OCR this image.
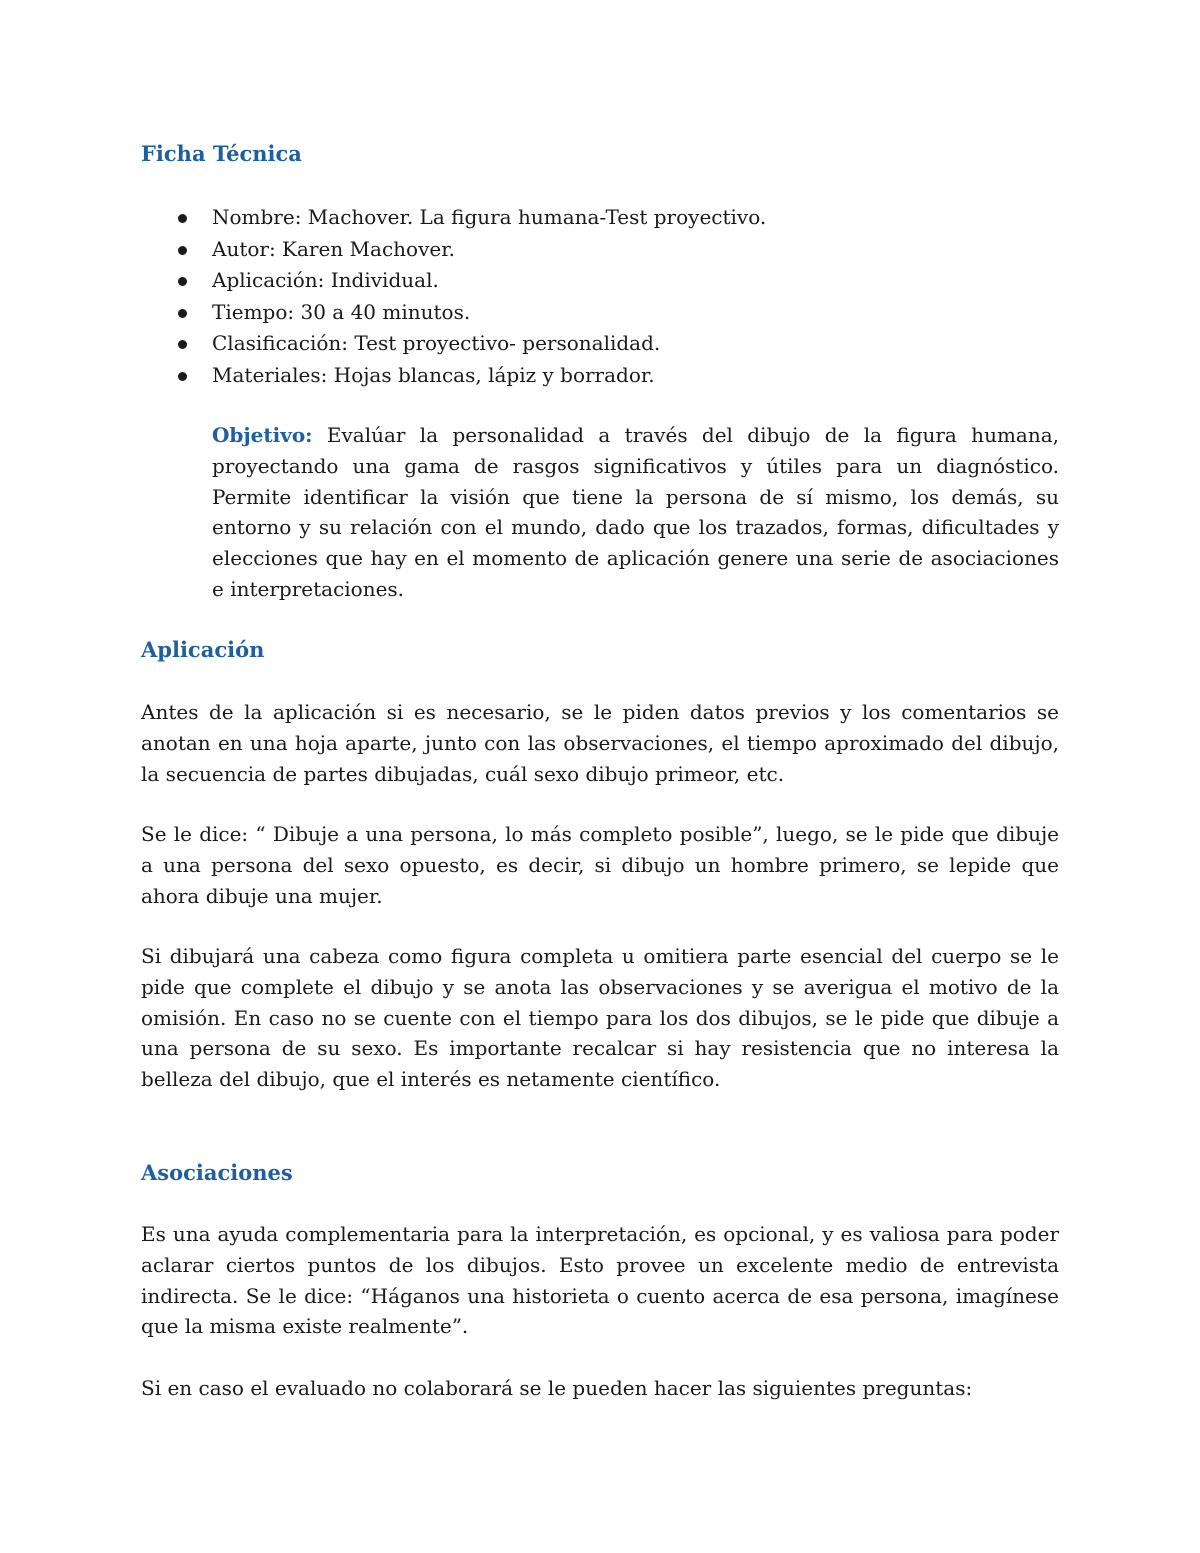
Ficha Técnica
Nombre: Machover. La figura humana-Test proyectivo.
Autor: Karen Machover.
Aplicación: Individual.
Tiempo: 30 a 40 minutos.
Clasificación: Test proyectivo- personalidad.
Materiales: Hojas blancas, lápiz y borrador.

Objetivo: Evalúar la personalidad a través del dibujo de la figura humana, proyectando una gama de rasgos significativos y útiles para un diagnóstico. Permite identificar la visión que tiene la persona de sí mismo, los demás, su entorno y su relación con el mundo, dado que los trazados, formas, dificultades y elecciones que hay en el momento de aplicación genere una serie de asociaciones e interpretaciones.

Aplicación

Antes de la aplicación si es necesario, se le piden datos previos y los comentarios se anotan en una hoja aparte, junto con las observaciones, el tiempo aproximado del dibujo, la secuencia de partes dibujadas, cuál sexo dibujo primeor, etc.

Se le dice: “ Dibuje a una persona, lo más completo posible”, luego, se le pide que dibuje a una persona del sexo opuesto, es decir, si dibujo un hombre primero, se lepide que ahora dibuje una mujer.

Si dibujará una cabeza como figura completa u omitiera parte esencial del cuerpo se le pide que complete el dibujo y se anota las observaciones y se averigua el motivo de la omisión. En caso no se cuente con el tiempo para los dos dibujos, se le pide que dibuje a una persona de su sexo. Es importante recalcar si hay resistencia que no interesa la belleza del dibujo, que el interés es netamente científico.

Asociaciones

Es una ayuda complementaria para la interpretación, es opcional, y es valiosa para poder aclarar ciertos puntos de los dibujos. Esto provee un excelente medio de entrevista indirecta. Se le dice: “Háganos una historieta o cuento acerca de esa persona, imagínese que la misma existe realmente”.

Si en caso el evaluado no colaborará se le pueden hacer las siguientes preguntas:
